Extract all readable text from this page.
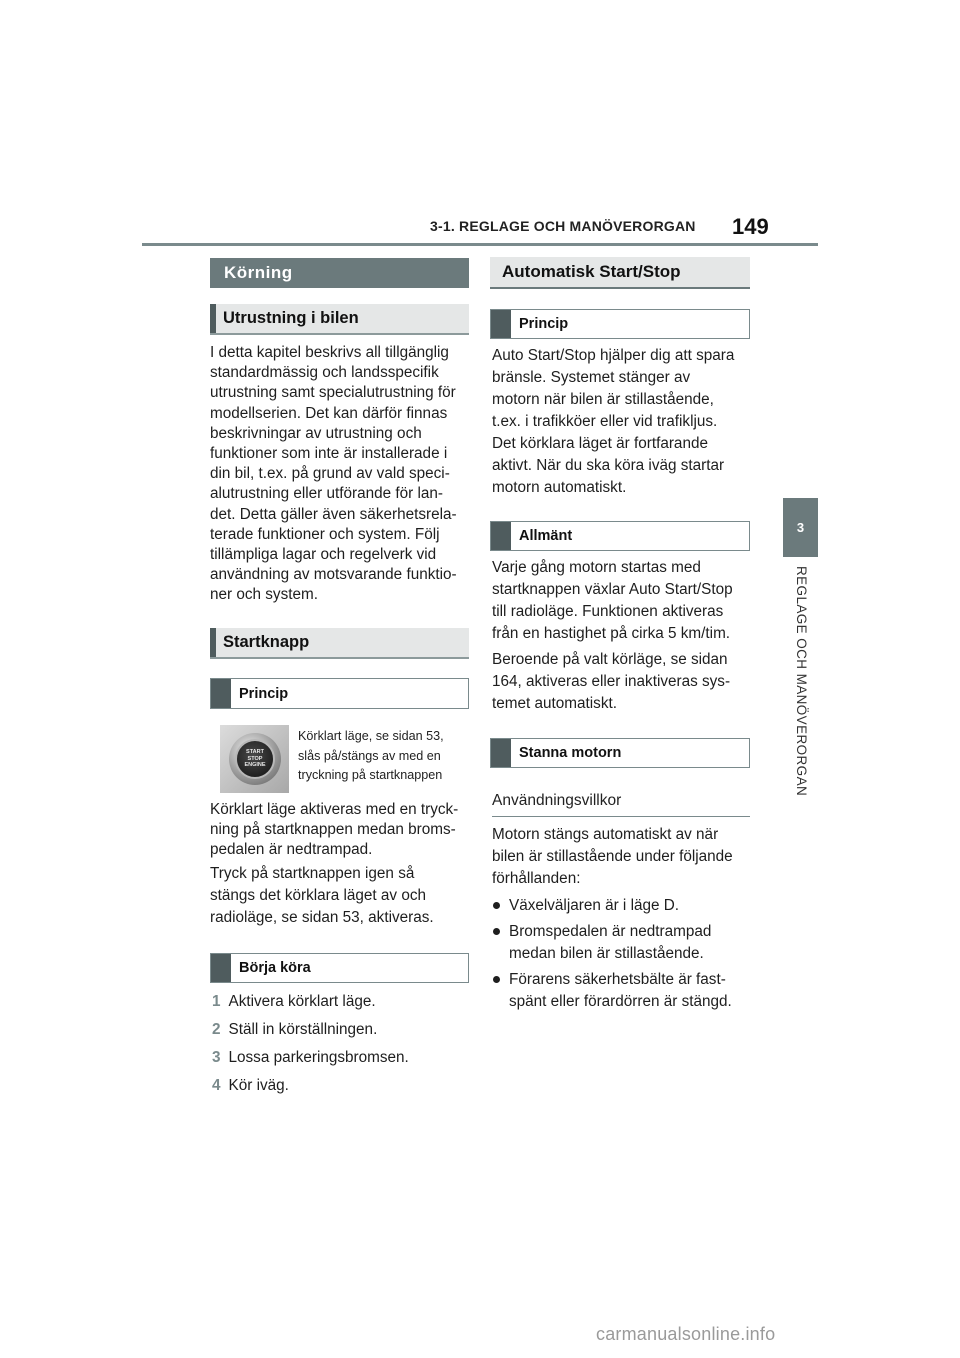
3-1. REGLAGE OCH MANÖVERORGAN 149
3
REGLAGE OCH MANÖVERORGAN
Körning
Utrustning i bilen

I detta kapitel beskrivs all tillgänglig

standardmässig och landsspecifik

utrustning samt specialutrustning för

modellserien. Det kan därför finnas

beskrivningar av utrustning och

funktioner som inte är installerade i

din bil, t.ex. på grund av vald speci-

alutrustning eller utförande för lan-

det. Detta gäller även säkerhetsrela-

terade funktioner och system. Följ

tillämpliga lagar och regelverk vid

användning av motsvarande funktio-

ner och system.

Startknapp
Princip
START
STOP
ENGINE

Körklart läge, se sidan 53,

slås på/stängs av med en

tryckning på startknappen

Körklart läge aktiveras med en tryck-

ning på startknappen medan broms-

pedalen är nedtrampad.

Tryck på startknappen igen så

stängs det körklara läget av och

radioläge, se sidan 53, aktiveras.

Börja köra

1 Aktivera körklart läge.

2 Ställ in körställningen.

3 Lossa parkeringsbromsen.

4 Kör iväg.

Automatisk Start/Stop
Princip

Auto Start/Stop hjälper dig att spara

bränsle. Systemet stänger av

motorn när bilen är stillastående,

t.ex. i trafikköer eller vid trafikljus.

Det körklara läget är fortfarande

aktivt. När du ska köra iväg startar

motorn automatiskt.

Allmänt

Varje gång motorn startas med

startknappen växlar Auto Start/Stop

till radioläge. Funktionen aktiveras

från en hastighet på cirka 5 km/tim.

Beroende på valt körläge, se sidan

164, aktiveras eller inaktiveras sys-

temet automatiskt.

Stanna motorn
Användningsvillkor

Motorn stängs automatiskt av när

bilen är stillastående under följande

förhållanden:

Växelväljaren är i läge D.

Bromspedalen är nedtrampad

medan bilen är stillastående.

Förarens säkerhetsbälte är fast-

spänt eller förardörren är stängd.

carmanualsonline.info
